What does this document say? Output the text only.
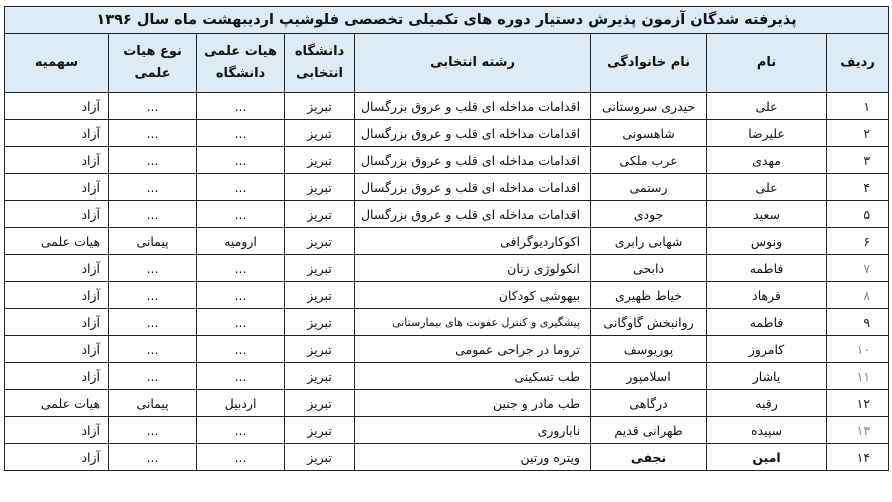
پذیرفته شدگان آزمون پذیرش دستیار دوره های تکمیلی تخصصی فلوشیپ اردیبهشت ماه سال ۱۳۹۶							
ردیف	نام	نام خانوادگی	رشته انتخابی	دانشگاه انتخابی	هیات علمی دانشگاه	نوع هیات علمی	سهمیه
۱	علی	حیدری سروستانی	اقدامات مداخله ای قلب و عروق بزرگسال	تبریز	...	...	آزاد
۲	علیرضا	شاهسونی	اقدامات مداخله ای قلب و عروق بزرگسال	تبریز	...	...	آزاد
۳	مهدی	عرب ملکی	اقدامات مداخله ای قلب و عروق بزرگسال	تبریز	...	...	آزاد
۴	علی	رستمی	اقدامات مداخله ای قلب و عروق بزرگسال	تبریز	...	...	آزاد
۵	سعید	جودی	اقدامات مداخله ای قلب و عروق بزرگسال	تبریز	...	...	آزاد
۶	ونوس	شهابی رابری	اکوکاردیوگرافی	تبریز	ارومیه	پیمانی	هیات علمی
۷	فاطمه	ذابحی	انکولوژی زنان	تبریز	...	...	آزاد
۸	فرهاد	خیاط ظهیری	بیهوشی کودکان	تبریز	...	...	آزاد
۹	فاطمه	روانبخش گاوگانی	پیشگیری و کنترل عفونت های بیمارستانی	تبریز	...	...	آزاد
۱۰	کامروز	پوریوسف	تروما در جراحی عمومی	تبریز	...	...	آزاد
۱۱	یاشار	اسلامپور	طب تسکینی	تبریز	...	...	آزاد
۱۲	رقیه	درگاهی	طب مادر و جنین	تبریز	اردبیل	پیمانی	هیات علمی
۱۳	سپیده	طهرانی قدیم	ناباروری	تبریز	...	...	آزاد
۱۴	امین	نجفی	ویتره ورتین	تبریز	...	...	آزاد
